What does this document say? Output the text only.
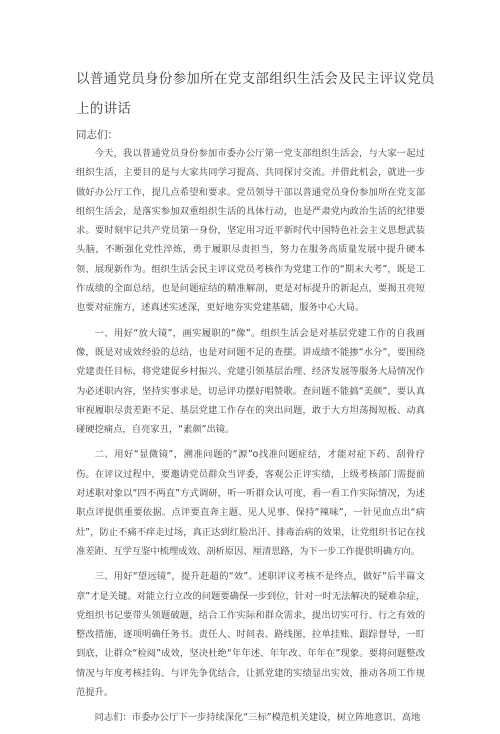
以普通党员身份参加所在党支部组织生活会及民主评议党员上的讲话
同志们：

今天，我以普通党员身份参加市委办公厅第一党支部组织生活会，与大家一起过组织生活，主要目的是与大家共同学习提高、共同探讨交流。并借此机会，就进一步做好办公厅工作，提几点希望和要求。党员领导干部以普通党员身份参加所在党支部组织生活会，是落实参加双重组织生活的具体行动，也是严肃党内政治生活的纪律要求。要时刻牢记共产党员第一身份，坚定用习近平新时代中国特色社会主义思想武装头脑，不断强化党性淬炼，勇于履职尽责担当，努力在服务高质量发展中提升硬本领、展现新作为。组织生活会民主评议党员考核作为党建工作的“期末大考”，既是工作成绩的全面总结，也是问题症结的精准解剖，更是对标提升的新起点，要揭丑亮短也要对症施方，述真述实述深，更好地夯实党建基础，服务中心大局。

一、用好“放大镜”，画实履职的“像”。组织生活会是对基层党建工作的自我画像，既是对成效经验的总结，也是对问题不足的查摆。讲成绩不能掺“水分”，要围绕党建责任目标，将党建促乡村振兴、党建引领基层治理、经济发展等服务大局情况作为必述职内容，坚持实事求是，切忌评功摆好唱赞歌。查问题不能搞“美颜”，要认真审视履职尽责差距不足、基层党建工作存在的突出问题，敢于大方坦荡揭短板、动真碰硬挖痛点，自亮家丑，“素颜”出镜。

二、用好“显微镜”，溯准问题的“源”o找准问题症结，才能对症下药、刮骨疗伤。在评议过程中，要邀请党员群众当评委，客观公正评实绩，上级考核部门需提前对述职对象以“四不两直”方式调研，听一听群众认可度，看一看工作实际情况，为述职点评提供重要依据。点评要直奔主题、见人见事、保持“辣味”，一针见血点出“病灶”，防止不痛不痒走过场，真正达到红脸出汗、排毒治病的效果，让党组织书记在找准差距、互学互鉴中梳理成效、剖析原因、厘清思路，为下一步工作提供明确方向。

三、用好“望远镜”，提升赶超的“效”。述职评议考核不是终点，做好“后半篇文章”才是关键。对能立行立改的问题要确保一步到位，针对一时无法解决的疑难杂症，党组织书记要带头领题破题，结合工作实际和群众需求，提出切实可行、行之有效的整改措施，逐项明确任务书。责任人、时间表、路线图，拉单挂账、跟踪督导，一盯到底，让群众“检阅”成效，坚决杜绝“年年述、年年改、年年在”现象。要将问题整改情况与年度考核挂钩、与评先争优结合，让抓党建的实绩显出实效，推动各项工作规范提升。

同志们：市委办公厅下一步持续深化“三标”模范机关建设，树立阵地意识、高地
